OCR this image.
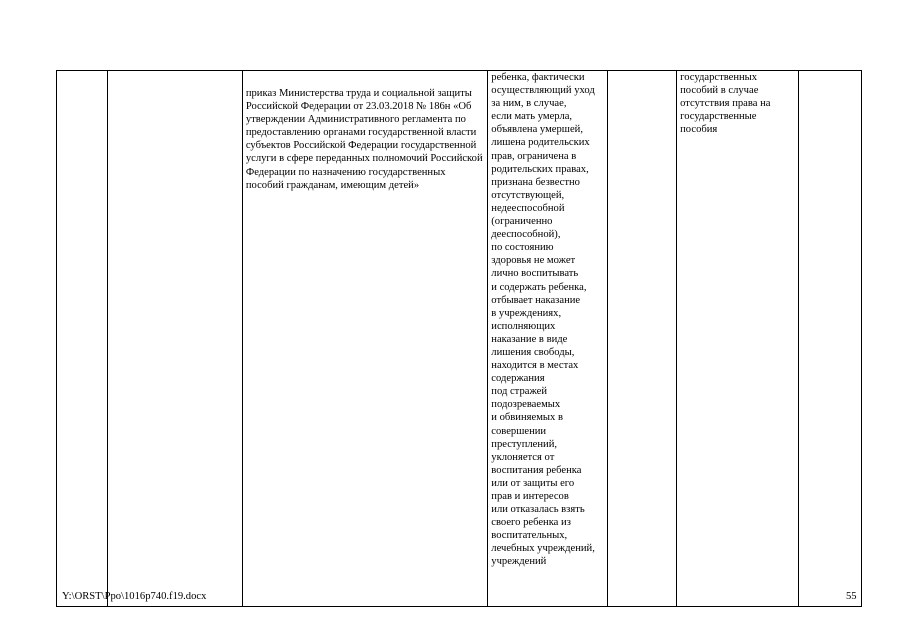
		приказ Министерства труда и социальной защиты Российской Федерации от 23.03.2018 № 186н «Об утверждении Административного регламента по предоставлению органами государственной власти субъектов Российской Федерации государственной услуги в сфере переданных полномочий Российской Федерации по назначению государственных пособий гражданам, имеющим детей»	ребенка, фактически
осуществляющий уход
за ним, в случае,
если мать умерла,
объявлена умершей,
лишена родительских
прав, ограничена в
родительских правах,
признана безвестно
отсутствующей,
недееспособной
(ограниченно
дееспособной),
по состоянию
здоровья не может
лично воспитывать
и содержать ребенка,
отбывает наказание
в учреждениях,
исполняющих
наказание в виде
лишения свободы,
находится в местах
содержания
под стражей
подозреваемых
и обвиняемых в
совершении
преступлений,
уклоняется от
воспитания ребенка
или от защиты его
прав и интересов
или отказалась взять
своего ребенка из
воспитательных,
лечебных учреждений,
учреждений		государственных
пособий в случае
отсутствия права на
государственные
пособия	
Y:\ORST\Ppo\1016p740.f19.docx	55
